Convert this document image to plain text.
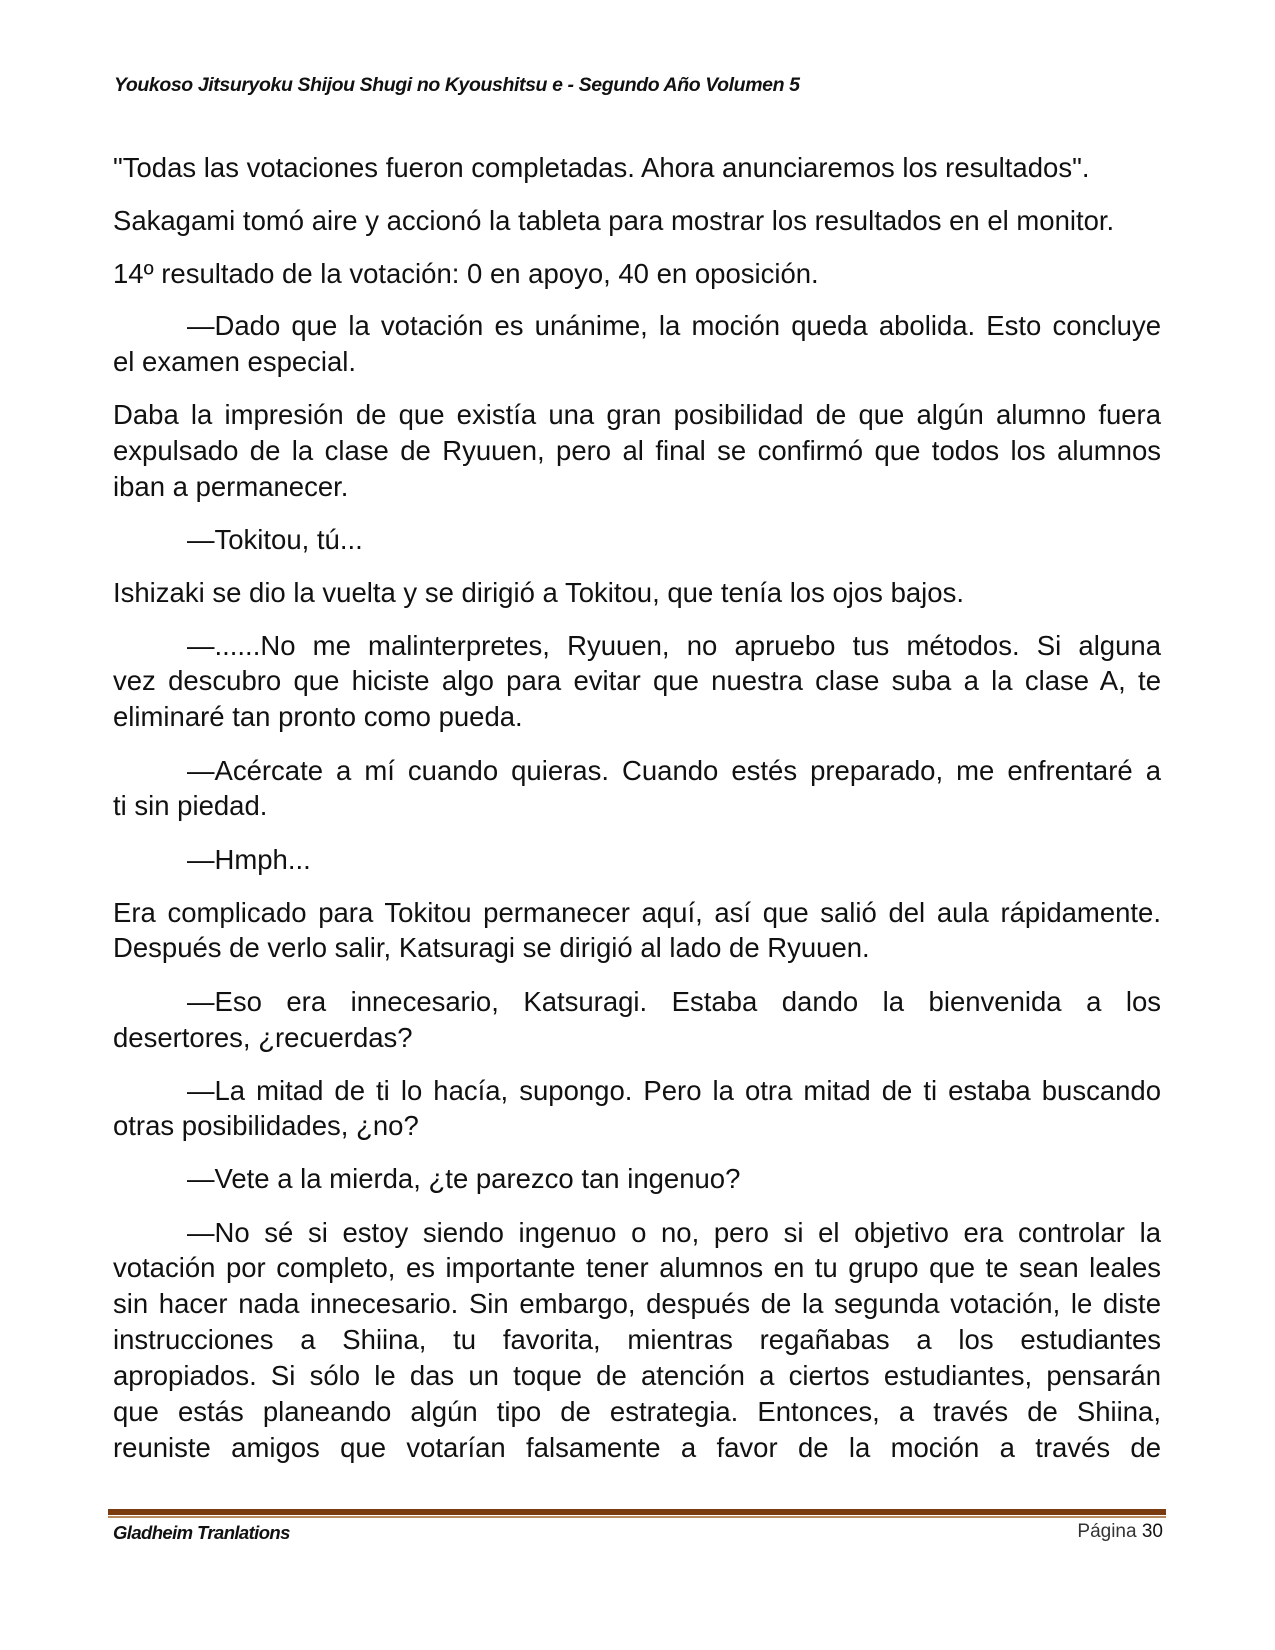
Youkoso Jitsuryoku Shijou Shugi no Kyoushitsu e - Segundo Año Volumen 5
"Todas las votaciones fueron completadas. Ahora anunciaremos los resultados".
Sakagami tomó aire y accionó la tableta para mostrar los resultados en el monitor.
14º resultado de la votación: 0 en apoyo, 40 en oposición.
—Dado que la votación es unánime, la moción queda abolida. Esto concluye
el examen especial.
Daba la impresión de que existía una gran posibilidad de que algún alumno fuera
expulsado de la clase de Ryuuen, pero al final se confirmó que todos los alumnos
iban a permanecer.
—Tokitou, tú...
Ishizaki se dio la vuelta y se dirigió a Tokitou, que tenía los ojos bajos.
—......No me malinterpretes, Ryuuen, no apruebo tus métodos. Si alguna
vez descubro que hiciste algo para evitar que nuestra clase suba a la clase A, te
eliminaré tan pronto como pueda.
—Acércate a mí cuando quieras. Cuando estés preparado, me enfrentaré a
ti sin piedad.
—Hmph...
Era complicado para Tokitou permanecer aquí, así que salió del aula rápidamente.
Después de verlo salir, Katsuragi se dirigió al lado de Ryuuen.
—Eso era innecesario, Katsuragi. Estaba dando la bienvenida a los
desertores, ¿recuerdas?
—La mitad de ti lo hacía, supongo. Pero la otra mitad de ti estaba buscando
otras posibilidades, ¿no?
—Vete a la mierda, ¿te parezco tan ingenuo?
—No sé si estoy siendo ingenuo o no, pero si el objetivo era controlar la
votación por completo, es importante tener alumnos en tu grupo que te sean leales
sin hacer nada innecesario. Sin embargo, después de la segunda votación, le diste
instrucciones a Shiina, tu favorita, mientras regañabas a los estudiantes
apropiados. Si sólo le das un toque de atención a ciertos estudiantes, pensarán
que estás planeando algún tipo de estrategia. Entonces, a través de Shiina,
reuniste amigos que votarían falsamente a favor de la moción a través de
Gladheim Tranlations	Página 30
